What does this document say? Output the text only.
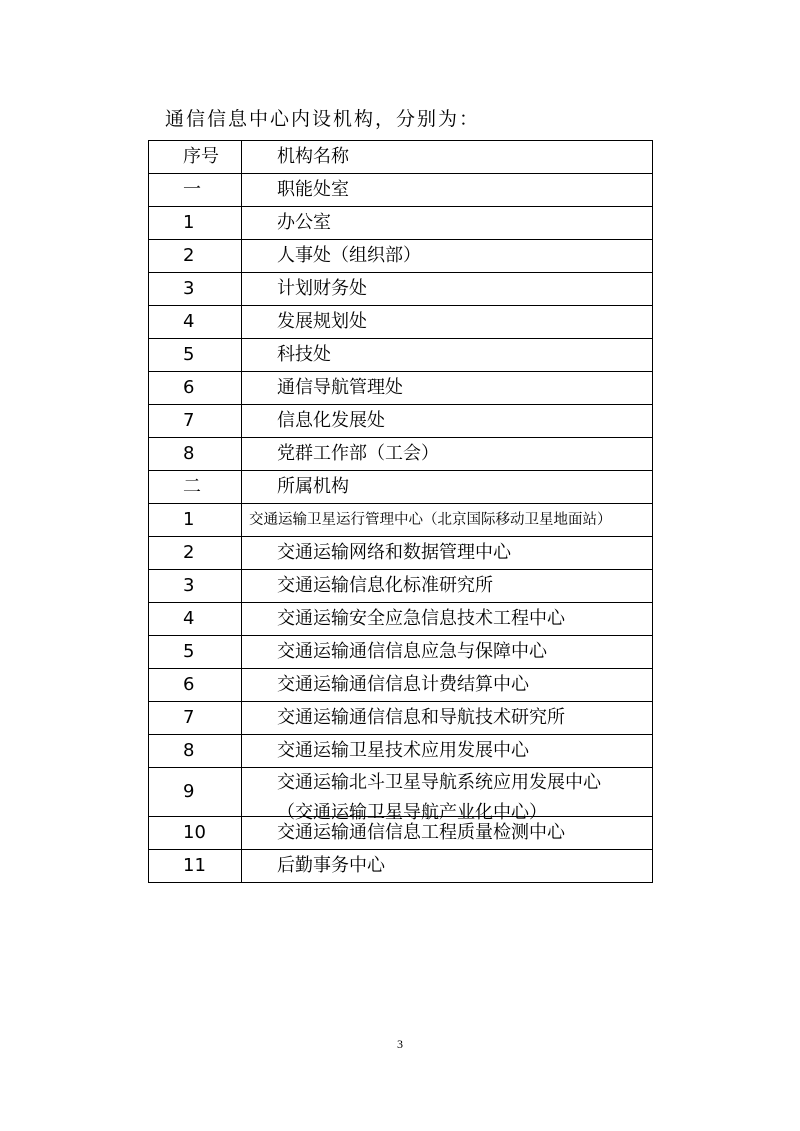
通信信息中心内设机构，分别为：
序号	机构名称
一	职能处室
1	办公室
2	人事处（组织部）
3	计划财务处
4	发展规划处
5	科技处
6	通信导航管理处
7	信息化发展处
8	党群工作部（工会）
二	所属机构
1	交通运输卫星运行管理中心（北京国际移动卫星地面站）
2	交通运输网络和数据管理中心
3	交通运输信息化标准研究所
4	交通运输安全应急信息技术工程中心
5	交通运输通信信息应急与保障中心
6	交通运输通信信息计费结算中心
7	交通运输通信信息和导航技术研究所
8	交通运输卫星技术应用发展中心
9	交通运输北斗卫星导航系统应用发展中心
（交通运输卫星导航产业化中心）

10	交通运输通信信息工程质量检测中心
11	后勤事务中心
3
